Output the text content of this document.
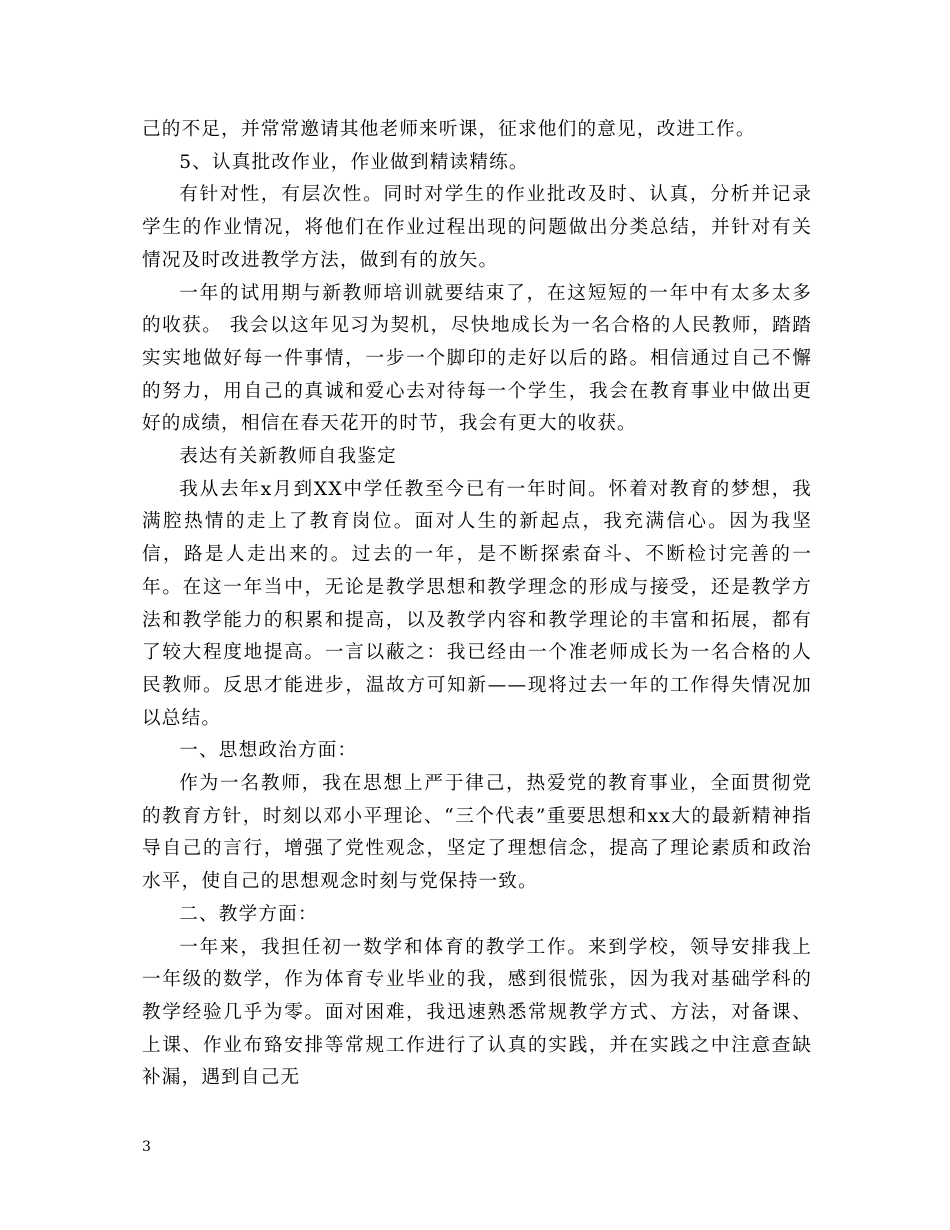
己的不足，并常常邀请其他老师来听课，征求他们的意见，改进工作。

5、认真批改作业，作业做到精读精练。

有针对性，有层次性。同时对学生的作业批改及时、认真，分析并记录学生的作业情况，将他们在作业过程出现的问题做出分类总结，并针对有关情况及时改进教学方法，做到有的放矢。

一年的试用期与新教师培训就要结束了，在这短短的一年中有太多太多的收获。 我会以这年见习为契机，尽快地成长为一名合格的人民教师，踏踏实实地做好每一件事情，一步一个脚印的走好以后的路。相信通过自己不懈的努力，用自己的真诚和爱心去对待每一个学生，我会在教育事业中做出更好的成绩，相信在春天花开的时节，我会有更大的收获。

表达有关新教师自我鉴定

我从去年x月到XX中学任教至今已有一年时间。怀着对教育的梦想，我满腔热情的走上了教育岗位。面对人生的新起点，我充满信心。因为我坚信，路是人走出来的。过去的一年，是不断探索奋斗、不断检讨完善的一年。在这一年当中，无论是教学思想和教学理念的形成与接受，还是教学方法和教学能力的积累和提高，以及教学内容和教学理论的丰富和拓展，都有了较大程度地提高。一言以蔽之：我已经由一个准老师成长为一名合格的人民教师。反思才能进步，温故方可知新——现将过去一年的工作得失情况加以总结。

一、思想政治方面：

作为一名教师，我在思想上严于律己，热爱党的教育事业，全面贯彻党的教育方针，时刻以邓小平理论、“三个代表”重要思想和xx大的最新精神指导自己的言行，增强了党性观念，坚定了理想信念，提高了理论素质和政治水平，使自己的思想观念时刻与党保持一致。

二、教学方面：

一年来，我担任初一数学和体育的教学工作。来到学校，领导安排我上一年级的数学，作为体育专业毕业的我，感到很慌张，因为我对基础学科的教学经验几乎为零。面对困难，我迅速熟悉常规教学方式、方法，对备课、上课、作业布臵安排等常规工作进行了认真的实践，并在实践之中注意查缺补漏，遇到自己无

3
